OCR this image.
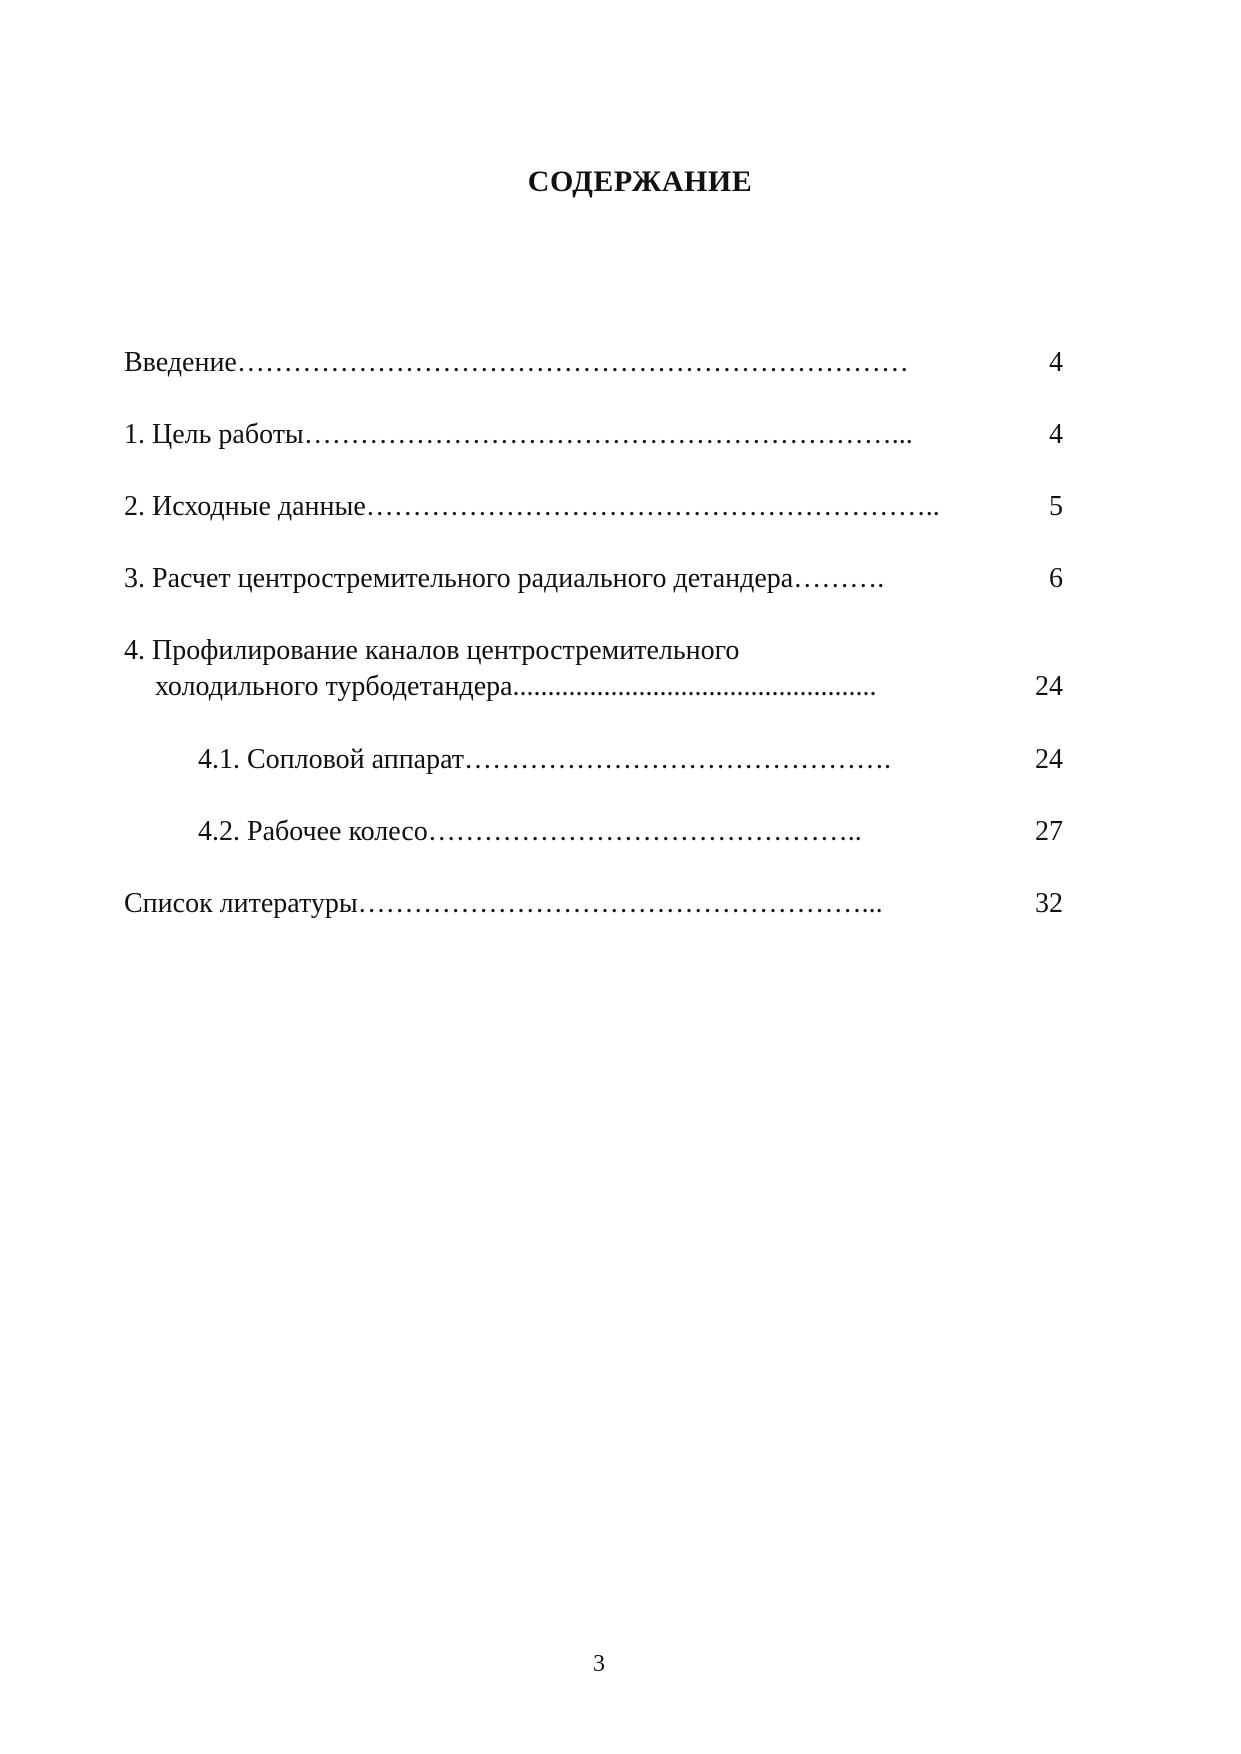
СОДЕРЖАНИЕ
Введение………………………………………………………………	4
1. Цель работы………………………………………………………...	4
2. Исходные данные……………………………………………………..	5
3. Расчет центростремительного радиального детандера……….	6
4. Профилирование каналов центростремительного
холодильного турбодетандера....................................................	24
4.1. Сопловой аппарат……………………………………….	24
4.2. Рабочее колесо………………………………………..	27
Список литературы………………………………………………...	32
3
